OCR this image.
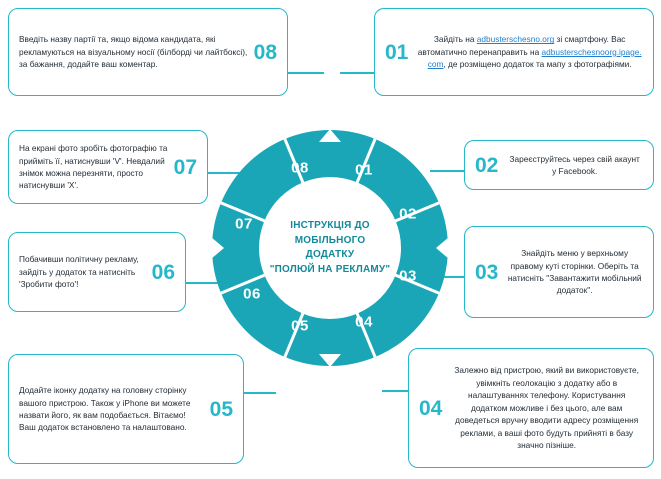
ІНСТРУКЦІЯ ДО
МОБІЛЬНОГО ДОДАТКУ
"ПОЛЮЙ НА РЕКЛАМУ"
01
02
03
04
05
06
07
08
Введіть назву партії та, якщо відома кандидата, які рекламуються на візуальному носії (білборді чи лайтбоксі), за бажання, додайте ваш коментар.
08	01
Зайдіть на adbusterschesno.org зі смартфону. Вас автоматично перенаправить на adbusterschesnoorg.ipage.com, де розміщено додаток та мапу з фотографіями.
На екрані фото зробіть фотографію та прийміть її, натиснувши 'V'. Невдалий знімок можна перезняти, просто натиснувши 'Х'.
07	02	Зареєструйтесь через свій акаунт у Facebook.
Побачивши політичну рекламу, зайдіть у додаток та натисніть 'Зробити фото'!
06	03
Знайдіть меню у верхньому правому куті сторінки. Оберіть та натисніть "Завантажити мобільний додаток".
Додайте іконку додатку на головну сторінку вашого пристрою. Також у iPhone ви можете назвати його, як вам подобається. Вітаємо! Ваш додаток встановлено та налаштовано.
05	04
Залежно від пристрою, який ви використовуєте, увімкніть геолокацію з додатку або в налаштуваннях телефону. Користування додатком можливе і без цього, але вам доведеться вручну вводити адресу розміщення реклами, а ваші фото будуть прийняті в базу значно пізніше.
